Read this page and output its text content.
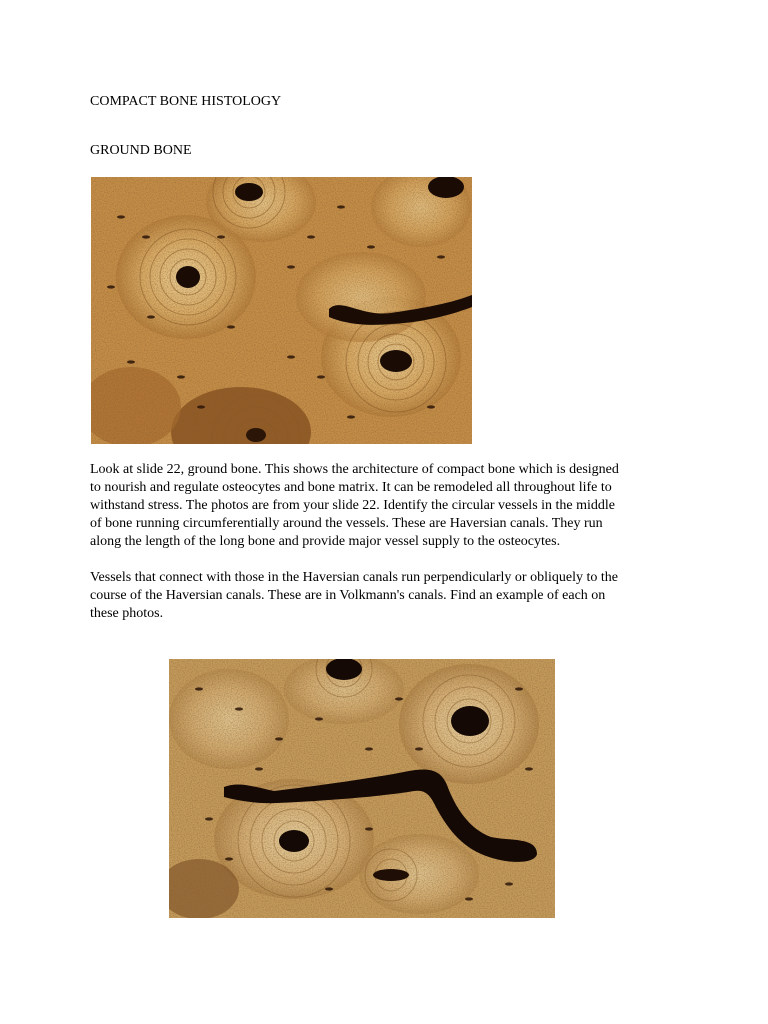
COMPACT BONE HISTOLOGY
GROUND BONE

Look at slide 22, ground bone. This shows the architecture of compact bone which is designed
to nourish and regulate osteocytes and bone matrix. It can be remodeled all throughout life to
withstand stress. The photos are from your slide 22. Identify the circular vessels in the middle
of bone running circumferentially around the vessels. These are Haversian canals. They run
along the length of the long bone and provide major vessel supply to the osteocytes.

Vessels that connect with those in the Haversian canals run perpendicularly or obliquely to the
course of the Haversian canals. These are in Volkmann's canals. Find an example of each on
these photos.
